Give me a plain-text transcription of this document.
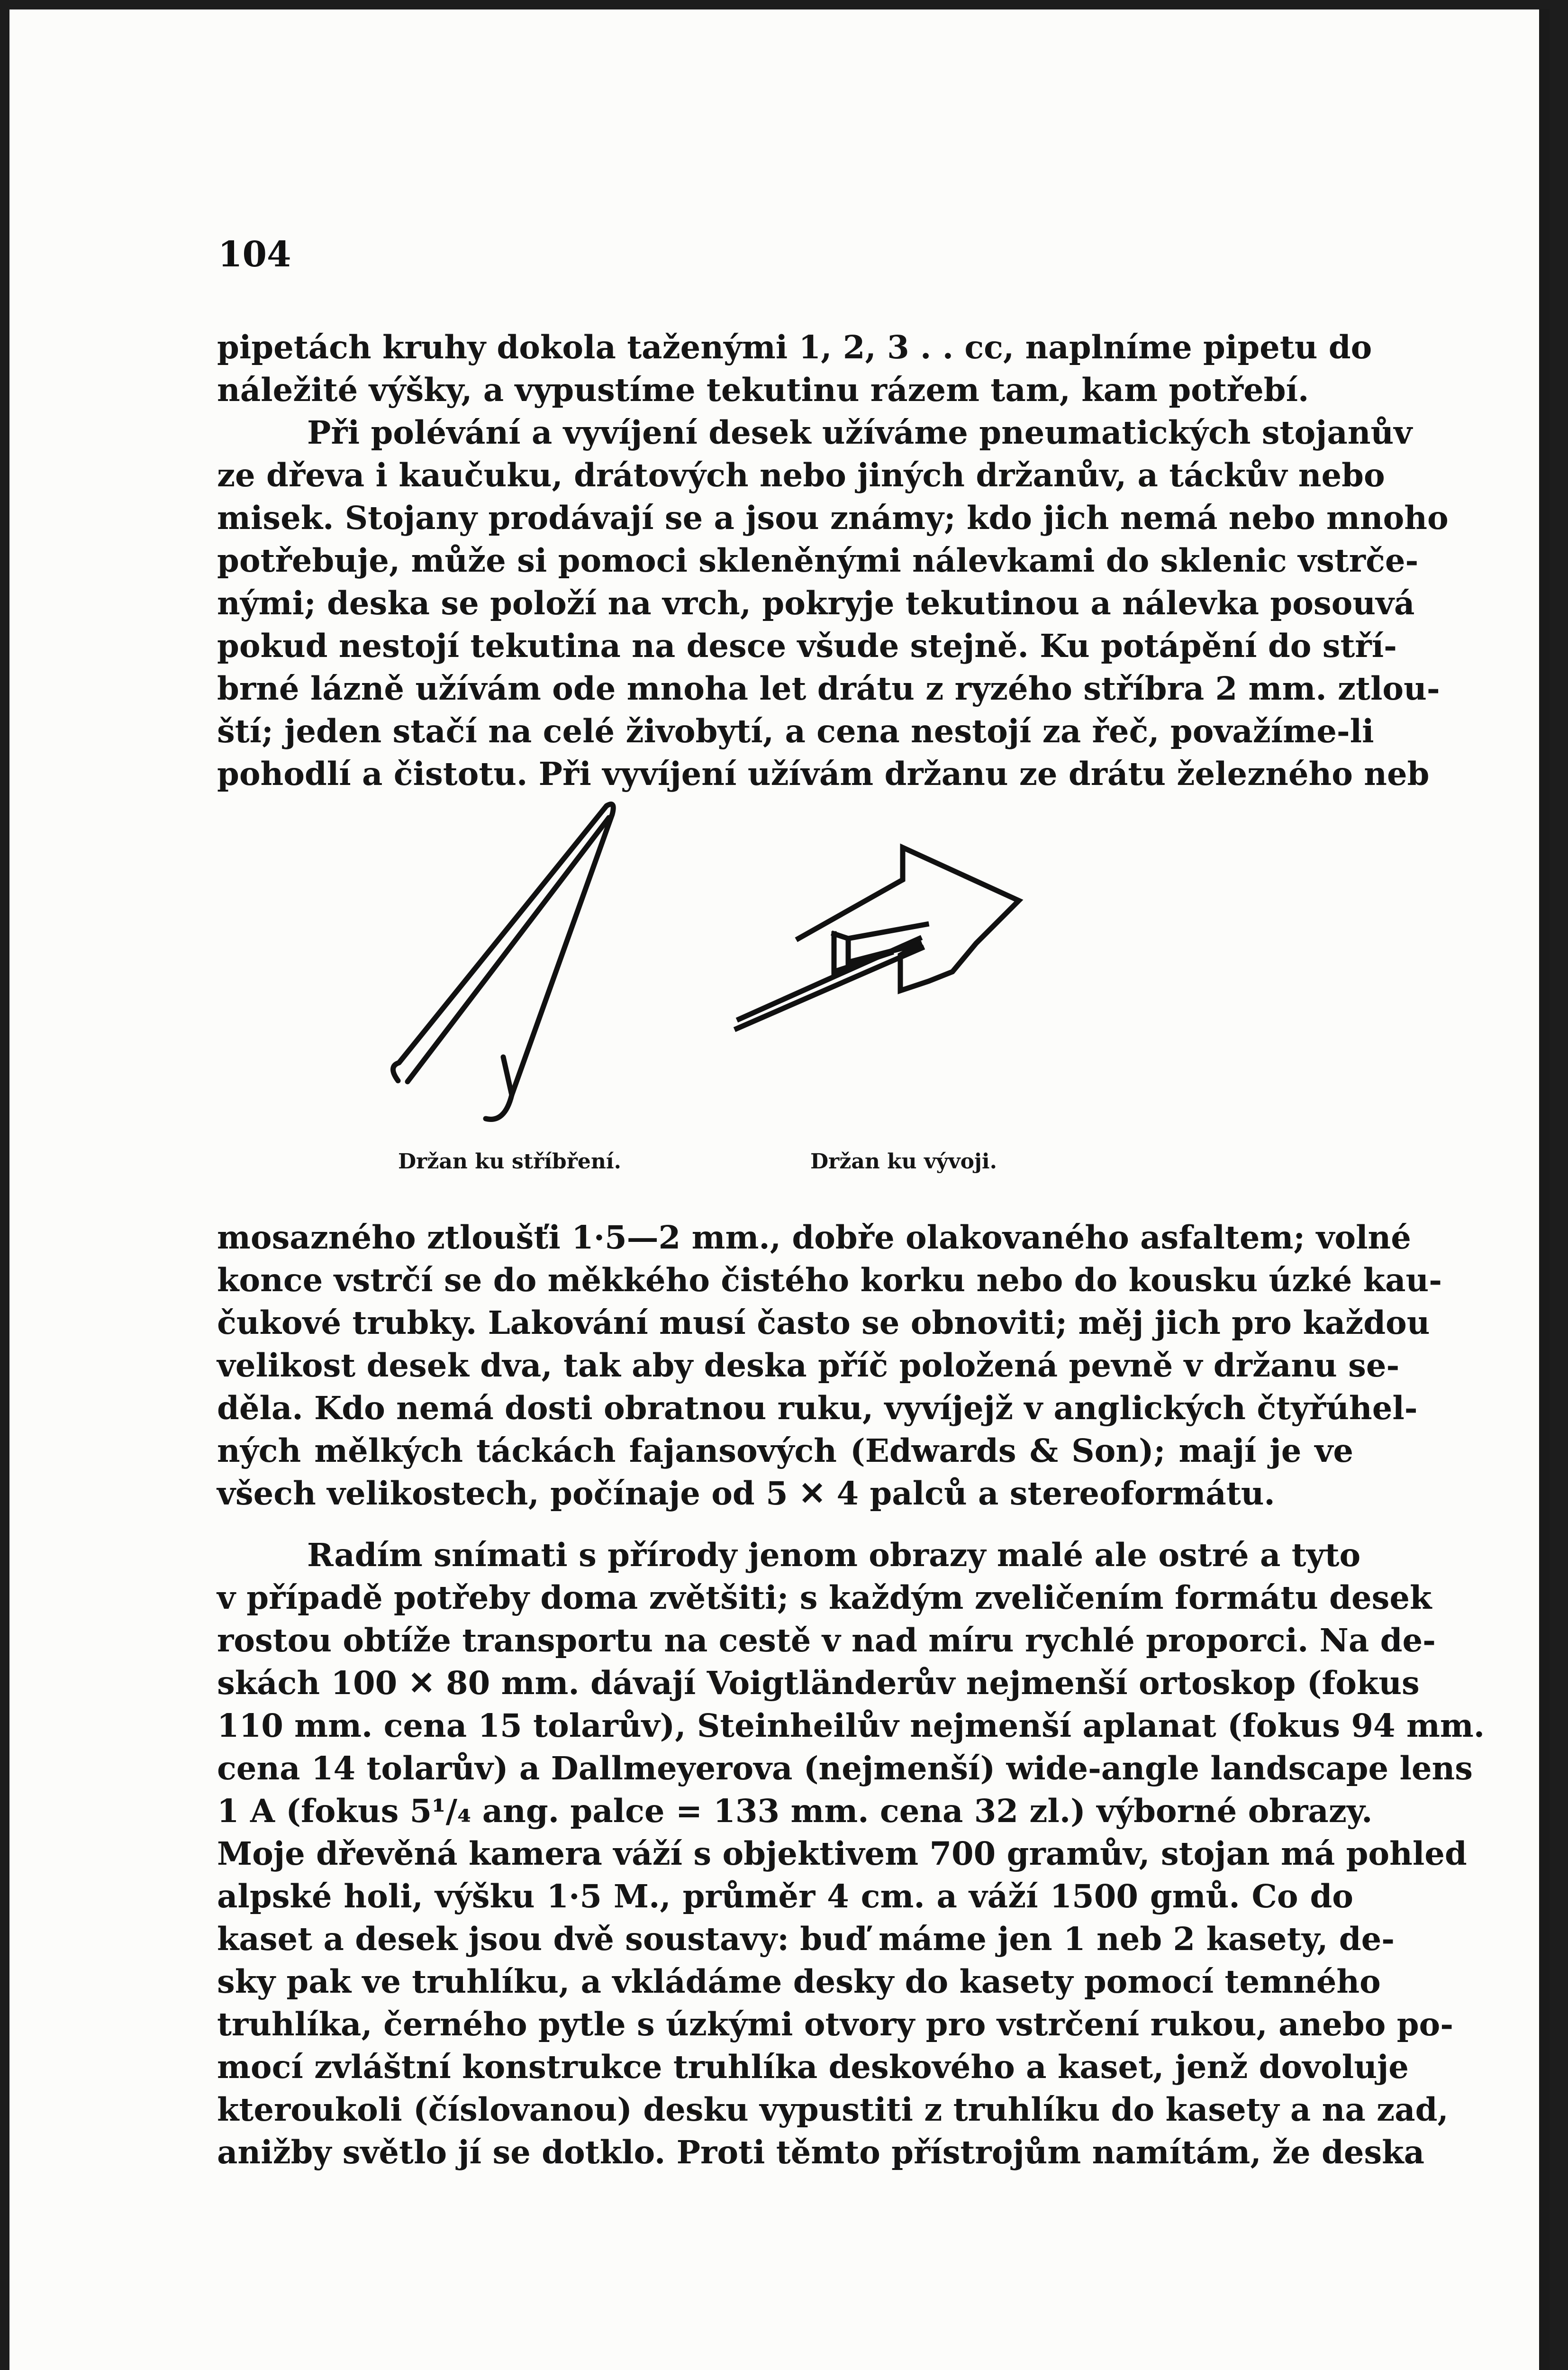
104

pipetách kruhy dokola taženými 1, 2, 3 . . cc, naplníme pipetu do
náležité výšky, a vypustíme tekutinu rázem tam, kam potřebí.

Při polévání a vyvíjení desek užíváme pneumatických stojanův
ze dřeva i kaučuku, drátových nebo jiných držanův, a táckův nebo
misek. Stojany prodávají se a jsou známy; kdo jich nemá nebo mnoho
potřebuje, může si pomoci skleněnými nálevkami do sklenic vstrče-
nými; deska se položí na vrch, pokryje tekutinou a nálevka posouvá
pokud nestojí tekutina na desce všude stejně. Ku potápění do stří-
brné lázně užívám ode mnoha let drátu z ryzého stříbra 2 mm. ztlou-
ští; jeden stačí na celé živobytí, a cena nestojí za řeč, považíme-li
pohodlí a čistotu. Při vyvíjení užívám držanu ze drátu železného neb

Držan ku stříbření.	Držan ku vývoji.

mosazného ztloušťi 1·5—2 mm., dobře olakovaného asfaltem; volné
konce vstrčí se do měkkého čistého korku nebo do kousku úzké kau-
čukové trubky. Lakování musí často se obnoviti; měj jich pro každou
velikost desek dva, tak aby deska příč položená pevně v držanu se-
děla. Kdo nemá dosti obratnou ruku, vyvíjejž v anglických čtyřúhel-
ných mělkých táckách fajansových (Edwards & Son); mají je ve
všech velikostech, počínaje od 5 ✕ 4 palců a stereoformátu.

Radím snímati s přírody jenom obrazy malé ale ostré a tyto
v případě potřeby doma zvětšiti; s každým zveličením formátu desek
rostou obtíže transportu na cestě v nad míru rychlé proporci. Na de-
skách 100 ✕ 80 mm. dávají Voigtländerův nejmenší ortoskop (fokus
110 mm. cena 15 tolarův), Steinheilův nejmenší aplanat (fokus 94 mm.
cena 14 tolarův) a Dallmeyerova (nejmenší) wide-angle landscape lens
1 A (fokus 5¹/₄ ang. palce = 133 mm. cena 32 zl.) výborné obrazy.
Moje dřevěná kamera váží s objektivem 700 gramův, stojan má pohled
alpské holi, výšku 1·5 M., průměr 4 cm. a váží 1500 gmů. Co do
kaset a desek jsou dvě soustavy: buď máme jen 1 neb 2 kasety, de-
sky pak ve truhlíku, a vkládáme desky do kasety pomocí temného
truhlíka, černého pytle s úzkými otvory pro vstrčení rukou, anebo po-
mocí zvláštní konstrukce truhlíka deskového a kaset, jenž dovoluje
kteroukoli (číslovanou) desku vypustiti z truhlíku do kasety a na zad,
anižby světlo jí se dotklo. Proti těmto přístrojům namítám, že deska
